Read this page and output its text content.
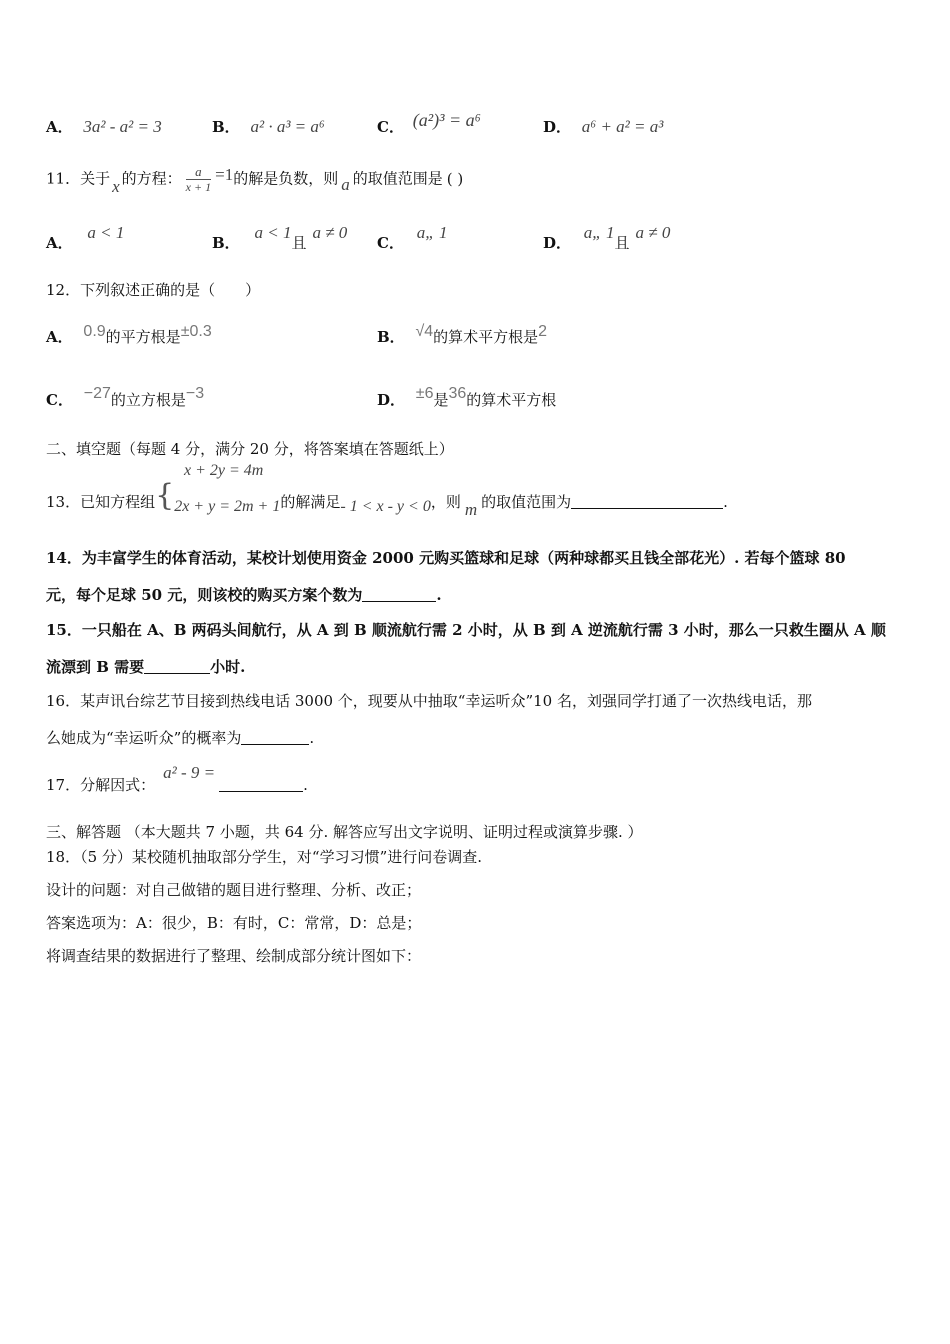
A． 3a² - a² = 3	B． a² · a³ = a⁶	C． (a²)³ = a⁶	D． a⁶ + a² = a³
11．关于 x 的方程： $\frac{a}{x + 1} =1$的解是负数，则 a 的取值范围是 ( )
A． a < 1
B． a < 1且a ≠ 0
C． a„ 1
D． a„ 1且a ≠ 0
12．下列叙述正确的是（　　）
A． 0.9的平方根是±0.3	B． √4的算术平方根是2
C． −27的立方根是−3	D． ±6是36的算术平方根
二、填空题（每题 4 分，满分 20 分，将答案填在答题纸上）
x + 2y = 4m
13．已知方程组{2x + y = 2m + 1的解满足- 1 < x - y < 0，则 m 的取值范围为	.
14．为丰富学生的体育活动，某校计划使用资金 2000 元购买篮球和足球（两种球都买且钱全部花光）. 若每个篮球 80
元，每个足球 50 元，则该校的购买方案个数为	.
15．一只船在 A、B 两码头间航行，从 A 到 B 顺流航行需 2 小时，从 B 到 A 逆流航行需 3 小时，那么一只救生圈从 A 顺
流漂到 B 需要	小时.
16．某声讯台综艺节目接到热线电话 3000 个，现要从中抽取“幸运听众”10 名，刘强同学打通了一次热线电话，那
么她成为“幸运听众”的概率为	.
17．分解因式：a² - 9 =.
三、解答题 （本大题共 7 小题，共 64 分. 解答应写出文字说明、证明过程或演算步骤. ）
18．（5 分）某校随机抽取部分学生，对“学习习惯”进行问卷调查.
设计的问题：对自己做错的题目进行整理、分析、改正；
答案选项为：A：很少，B：有时，C：常常，D：总是；
将调查结果的数据进行了整理、绘制成部分统计图如下：
